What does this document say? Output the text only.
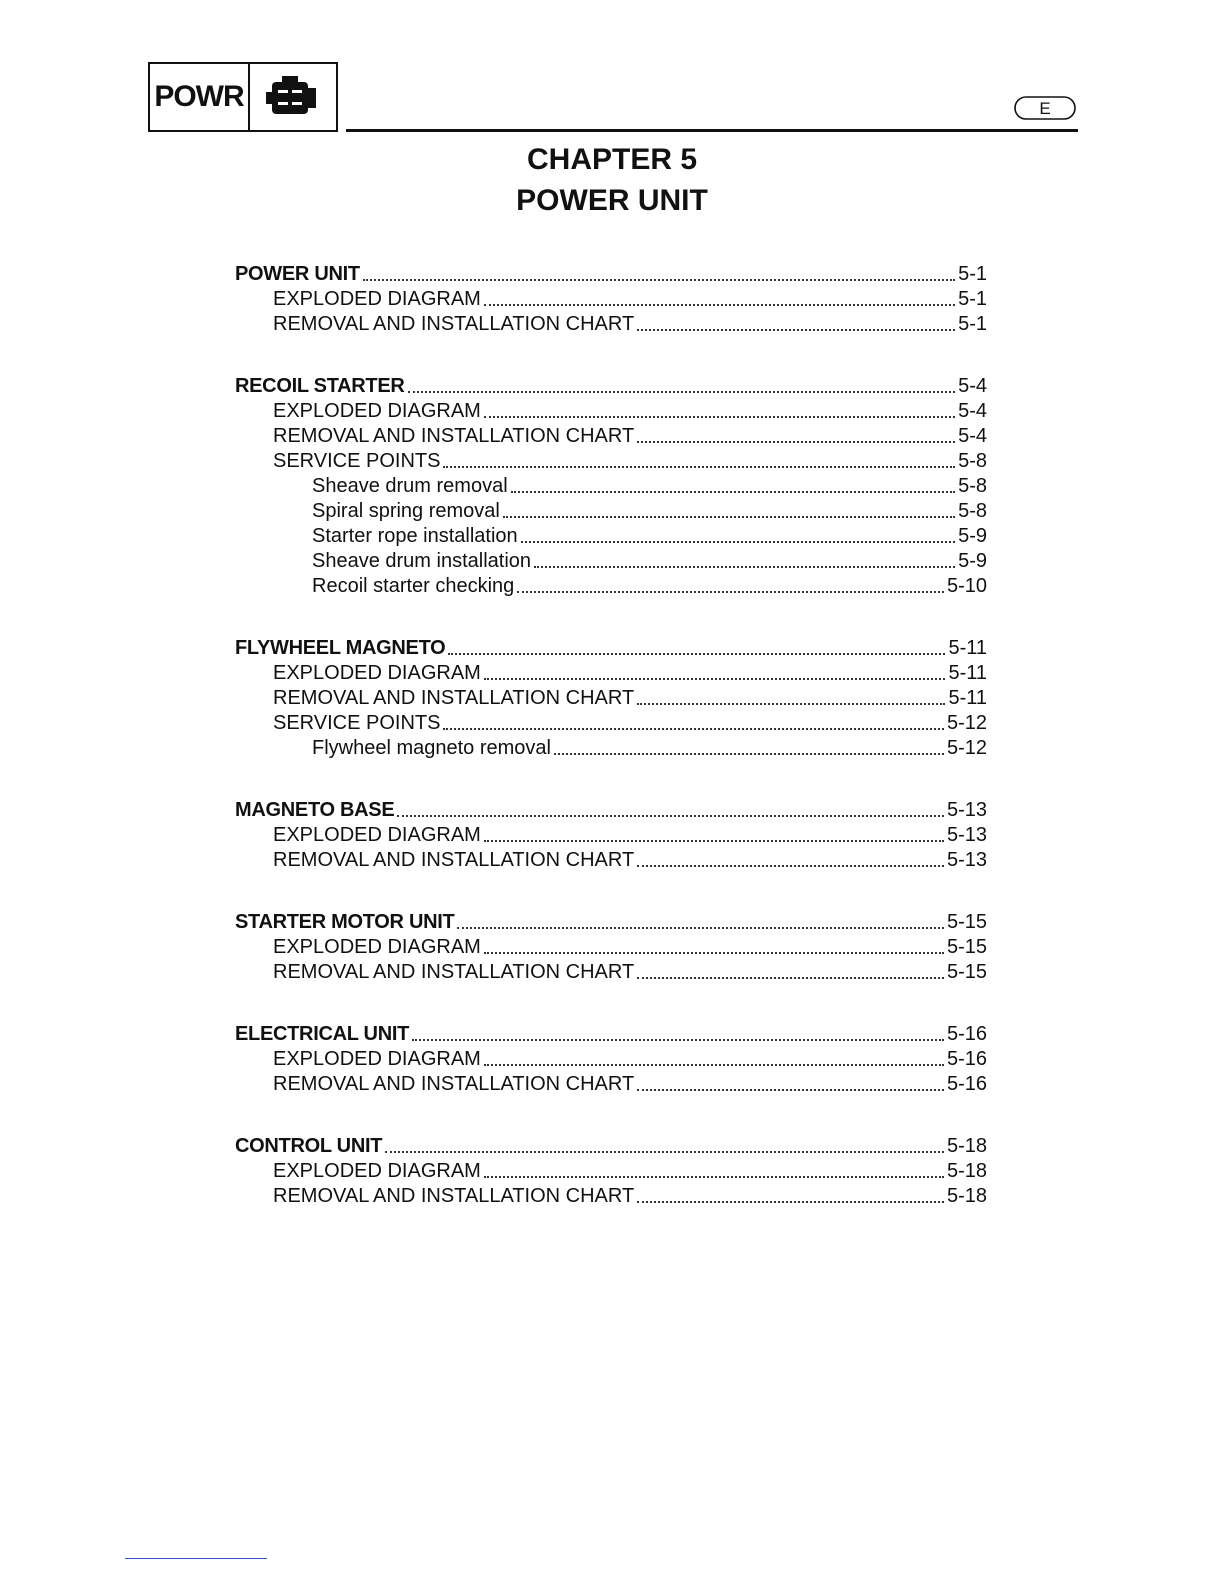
POWR	E
CHAPTER 5
POWER UNIT
POWER UNIT	5-1
EXPLODED DIAGRAM	5-1
REMOVAL AND INSTALLATION CHART	5-1
RECOIL STARTER	5-4
EXPLODED DIAGRAM	5-4
REMOVAL AND INSTALLATION CHART	5-4
SERVICE POINTS	5-8
Sheave drum removal	5-8
Spiral spring removal	5-8
Starter rope installation	5-9
Sheave drum installation	5-9
Recoil starter checking	5-10
FLYWHEEL MAGNETO	5-11
EXPLODED DIAGRAM	5-11
REMOVAL AND INSTALLATION CHART	5-11
SERVICE POINTS	5-12
Flywheel magneto removal	5-12
MAGNETO BASE	5-13
EXPLODED DIAGRAM	5-13
REMOVAL AND INSTALLATION CHART	5-13
STARTER MOTOR UNIT	5-15
EXPLODED DIAGRAM	5-15
REMOVAL AND INSTALLATION CHART	5-15
ELECTRICAL UNIT	5-16
EXPLODED DIAGRAM	5-16
REMOVAL AND INSTALLATION CHART	5-16
CONTROL UNIT	5-18
EXPLODED DIAGRAM	5-18
REMOVAL AND INSTALLATION CHART	5-18
